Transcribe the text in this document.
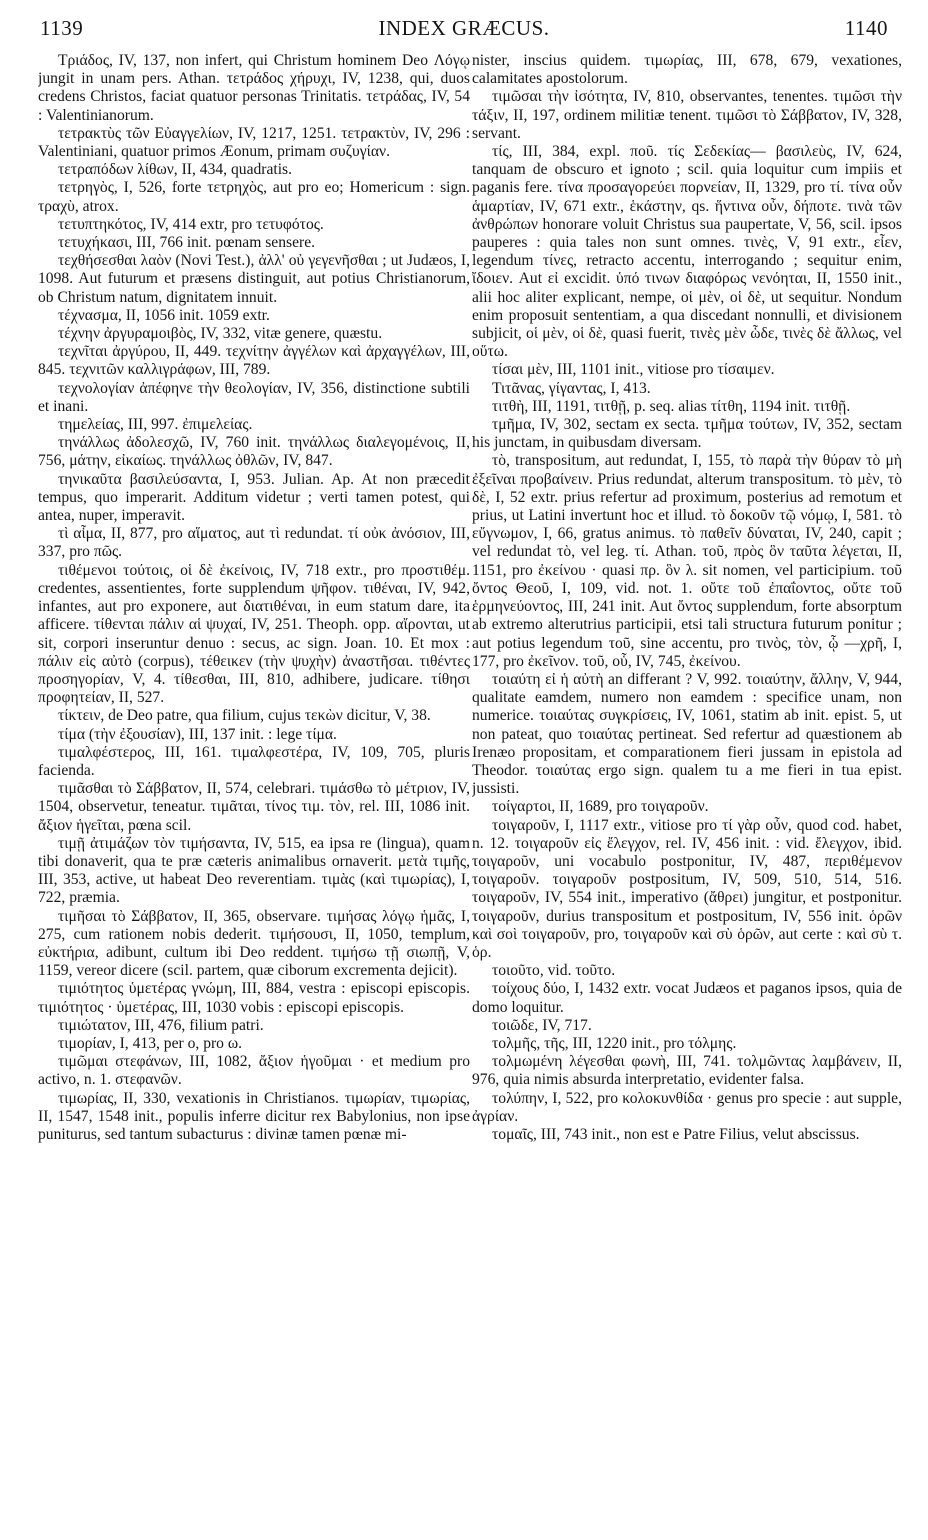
1139	INDEX GRÆCUS.	1140

Τριάδος, IV, 137, non infert, qui Christum hominem Deo Λόγῳ jungit in unam pers. Athan. τετράδος χήρυχι, IV, 1238, qui, duos credens Christos, faciat quatuor personas Trinitatis. τετράδας, IV, 54 : Valentinianorum.

τετρακτὺς τῶν Εὐαγγελίων, IV, 1217, 1251. τετρακτὺν, IV, 296 : Valentiniani, quatuor primos Æonum, primam συζυγίαν.

τετραπόδων λίθων, II, 434, quadratis.

τετρηγὸς, I, 526, forte τετρηχὸς, aut pro eo; Homericum : sign. τραχὺ, atrox.

τετυπτηκότος, IV, 414 extr, pro τετυφότος.

τετυχήκασι, III, 766 init. pœnam sensere.

τεχθήσεσθαι λαὸν (Novi Test.), ἀλλ' οὐ γεγενῆσθαι ; ut Judæos, I, 1098. Aut futurum et præsens distinguit, aut potius Christianorum, ob Christum natum, dignitatem innuit.

τέχνασμα, II, 1056 init. 1059 extr.

τέχνην ἀργυραμοιβὸς, IV, 332, vitæ genere, quæstu.

τεχνῖται ἀργύρου, II, 449. τεχνίτην ἀγγέλων καὶ ἀρχαγγέλων, III, 845. τεχνιτῶν καλλιγράφων, III, 789.

τεχνολογίαν ἀπέφηνε τὴν θεολογίαν, IV, 356, distinctione subtili et inani.

τημελείας, III, 997. ἐπιμελείας.

τηνάλλως ἀδολεσχῶ, IV, 760 init. τηνάλλως διαλεγομένοις, II, 756, μάτην, εἰκαίως. τηνάλλως ὀθλῶν, IV, 847.

τηνικαῦτα βασιλεύσαντα, I, 953. Julian. Ap. At non præcedit tempus, quo imperarit. Additum videtur ; verti tamen potest, qui antea, nuper, imperavit.

τὶ αἷμα, II, 877, pro αἵματος, aut τὶ redundat. τί οὐκ ἀνόσιον, III, 337, pro πῶς.

τιθέμενοι τούτοις, οἱ δὲ ἐκείνοις, IV, 718 extr., pro προστιθέμ. credentes, assentientes, forte supplendum ψῆφον. τιθέναι, IV, 942, infantes, aut pro exponere, aut διατιθέναι, in eum statum dare, ita afficere. τίθενται πάλιν αἱ ψυχαί, IV, 251. Theoph. opp. αἴρονται, ut sit, corpori inseruntur denuo : secus, ac sign. Joan. 10. Et mox : πάλιν εἰς αὐτὸ (corpus), τέθεικεν (τὴν ψυχὴν) ἀναστῆσαι. τιθέντες προσηγορίαν, V, 4. τίθεσθαι, III, 810, adhibere, judicare. τίθησι προφητείαν, II, 527.

τίκτειν, de Deo patre, qua filium, cujus τεκὼν dicitur, V, 38.

τίμα (τὴν ἐξουσίαν), III, 137 init. : lege τίμα.

τιμαλφέστερος, III, 161. τιμαλφεστέρα, IV, 109, 705, pluris facienda.

τιμᾶσθαι τὸ Σάββατον, II, 574, celebrari. τιμάσθω τὸ μέτριον, IV, 1504, observetur, teneatur. τιμᾶται, τίνος τιμ. τὸν, rel. III, 1086 init. ἄξιον ἡγεῖται, pœna scil.

τιμῇ ἀτιμάζων τὸν τιμήσαντα, IV, 515, ea ipsa re (lingua), quam tibi donaverit, qua te præ cæteris animalibus ornaverit. μετὰ τιμῆς, III, 353, active, ut habeat Deo reverentiam. τιμὰς (καὶ τιμωρίας), I, 722, præmia.

τιμῆσαι τὸ Σάββατον, II, 365, observare. τιμήσας λόγῳ ἡμᾶς, I, 275, cum rationem nobis dederit. τιμήσουσι, II, 1050, templum, εὐκτήρια, adibunt, cultum ibi Deo reddent. τιμήσω τῇ σιωπῇ, V, 1159, vereor dicere (scil. partem, quæ ciborum excrementa dejicit).

τιμιότητος ὑμετέρας γνώμη, III, 884, vestra : episcopi episcopis. τιμιότητος · ὑμετέρας, III, 1030 vobis : episcopi episcopis.

τιμιώτατον, III, 476, filium patri.

τιμορίαν, I, 413, per ο, pro ω.

τιμῶμαι στεφάνων, III, 1082, ἄξιον ἡγοῦμαι · et medium pro activo, n. 1. στεφανῶν.

τιμωρίας, II, 330, vexationis in Christianos. τιμωρίαν, τιμωρίας, II, 1547, 1548 init., populis inferre dicitur rex Babylonius, non ipse puniturus, sed tantum subacturus : divinæ tamen pœnæ mi-

nister, inscius quidem. τιμωρίας, III, 678, 679, vexationes, calamitates apostolorum.

τιμῶσαι τὴν ἰσότητα, IV, 810, observantes, tenentes. τιμῶσι τὴν τάξιν, II, 197, ordinem militiæ tenent. τιμῶσι τὸ Σάββατον, IV, 328, servant.

τίς, III, 384, expl. ποῦ. τίς Σεδεκίας— βασιλεὺς, IV, 624, tanquam de obscuro et ignoto ; scil. quia loquitur cum impiis et paganis fere. τίνα προσαγορεύει πορνείαν, II, 1329, pro τί. τίνα οὖν ἁμαρτίαν, IV, 671 extr., ἑκάστην, qs. ἥντινα οὖν, δήποτε. τινὰ τῶν ἀνθρώπων honorare voluit Christus sua paupertate, V, 56, scil. ipsos pauperes : quia tales non sunt omnes. τινὲς, V, 91 extr., εἶεν, legendum τίνες, retracto accentu, interrogando ; sequitur enim, ἴδοιεν. Aut εἰ excidit. ὑπό τινων διαφόρως νενόηται, II, 1550 init., alii hoc aliter explicant, nempe, οἱ μὲν, οἱ δὲ, ut sequitur. Nondum enim proposuit sententiam, a qua discedant nonnulli, et divisionem subjicit, οἱ μὲν, οἱ δὲ, quasi fuerit, τινὲς μὲν ὧδε, τινὲς δὲ ἄλλως, vel οὕτω.

τίσαι μὲν, III, 1101 init., vitiose pro τίσαιμεν.

Τιτᾶνας, γίγαντας, I, 413.

τιτθὴ, III, 1191, τιτθῇ, p. seq. alias τίτθη, 1194 init. τιτθῇ.

τμῆμα, IV, 302, sectam ex secta. τμῆμα τούτων, IV, 352, sectam his junctam, in quibusdam diversam.

τὸ, transpositum, aut redundat, I, 155, τὸ παρὰ τὴν θύραν τὸ μὴ ἐξεῖναι προβαίνειν. Prius redundat, alterum transpositum. τὸ μὲν, τὸ δὲ, I, 52 extr. prius refertur ad proximum, posterius ad remotum et prius, ut Latini invertunt hoc et illud. τὸ δοκοῦν τῷ νόμῳ, I, 581. τὸ εὔγνωμον, I, 66, gratus animus. τὸ παθεῖν δύναται, IV, 240, capit ; vel redundat τὸ, vel leg. τί. Athan. τοῦ, πρὸς ὃν ταῦτα λέγεται, II, 1151, pro ἐκείνου · quasi πρ. ὃν λ. sit nomen, vel participium. τοῦ ὄντος Θεοῦ, I, 109, vid. not. 1. οὔτε τοῦ ἐπαΐοντος, οὔτε τοῦ ἑρμηνεύοντος, III, 241 init. Aut ὄντος supplendum, forte absorptum ab extremo alterutrius participii, etsi tali structura futurum ponitur ; aut potius legendum τοῦ, sine accentu, pro τινὸς, τὸν, ᾧ —χρῆ, I, 177, pro ἐκεῖνον. τοῦ, οὗ, IV, 745, ἐκείνου.

τοιαύτη εἰ ἡ αὐτὴ an differant ? V, 992. τοιαύτην, ἄλλην, V, 944, qualitate eamdem, numero non eamdem : specifice unam, non numerice. τοιαύτας συγκρίσεις, IV, 1061, statim ab init. epist. 5, ut non pateat, quo τοιαύτας pertineat. Sed refertur ad quæstionem ab Irenæo propositam, et comparationem fieri jussam in epistola ad Theodor. τοιαύτας ergo sign. qualem tu a me fieri in tua epist. jussisti.

τοίγαρτοι, II, 1689, pro τοιγαροῦν.

τοιγαροῦν, I, 1117 extr., vitiose pro τί γὰρ οὖν, quod cod. habet, n. 12. τοιγαροῦν εἰς ἔλεγχον, rel. IV, 456 init. : vid. ἔλεγχον, ibid. τοιγαροῦν, uni vocabulo postponitur, IV, 487, περιθέμενον τοιγαροῦν. τοιγαροῦν postpositum, IV, 509, 510, 514, 516. τοιγαροῦν, IV, 554 init., imperativo (ἄθρει) jungitur, et postponitur. τοιγαροῦν, durius transpositum et postpositum, IV, 556 init. ὁρῶν καὶ σοὶ τοιγαροῦν, pro, τοιγαροῦν καὶ σὺ ὁρῶν, aut certe : καὶ σὺ τ. ὁρ.

τοιοῦτο, vid. τοῦτο.

τοίχους δύο, I, 1432 extr. vocat Judæos et paganos ipsos, quia de domo loquitur.

τοιῶδε, IV, 717.

τολμῆς, τῆς, III, 1220 init., pro τόλμης.

τολμωμένη λέγεσθαι φωνὴ, III, 741. τολμῶντας λαμβάνειν, II, 976, quia nimis absurda interpretatio, evidenter falsa.

τολύπην, I, 522, pro κολοκυνθίδα · genus pro specie : aut supple, ἀγρίαν.

τομαῖς, III, 743 init., non est e Patre Filius, velut abscissus.
